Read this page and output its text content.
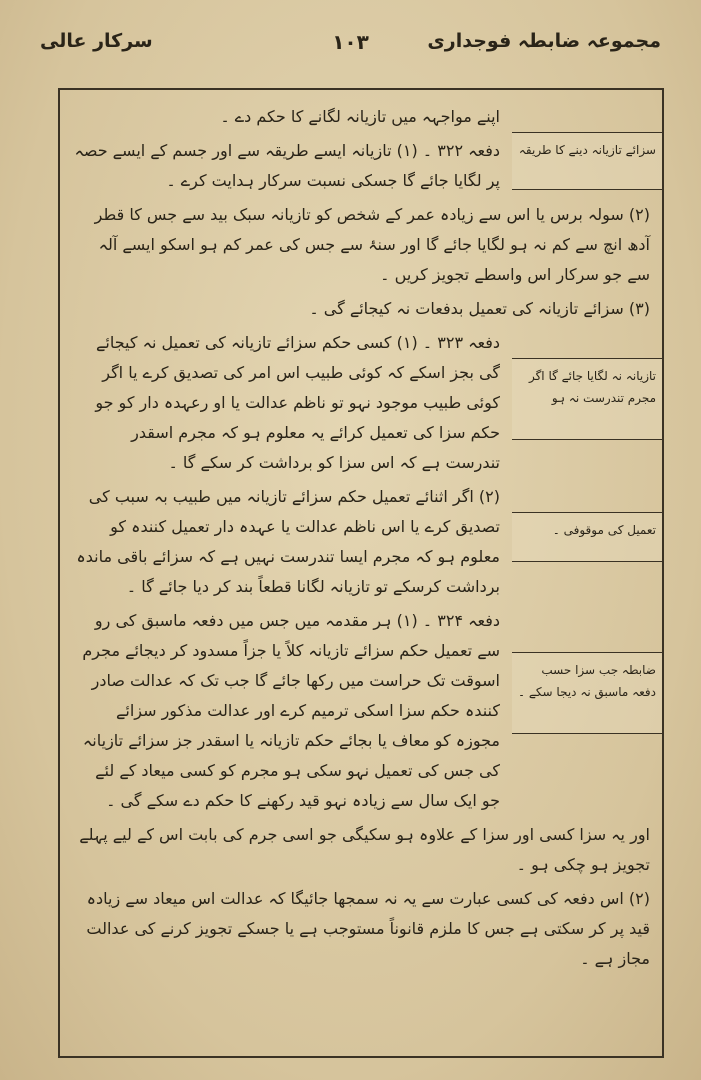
مجموعہ ضابطہ فوجداری
۱۰۳
سرکار عالی
سزائے تازیانہ دینے کا طریقہ
تازیانہ نہ لگایا جائے گا اگر مجرم تندرست نہ ہو
تعمیل کی موقوفی ۔
ضابطہ جب سزا حسب دفعہ ماسبق نہ دیجا سکے ۔

اپنے مواجہہ میں تازیانہ لگانے کا حکم دے ۔

دفعہ ۳۲۲ ۔ (۱) تازیانہ ایسے طریقہ سے اور جسم کے ایسے حصہ پر لگایا جائے گا جسکی نسبت سرکار ہدایت کرے ۔

(۲) سولہ برس یا اس سے زیادہ عمر کے شخص کو تازیانہ سبک بید سے جس کا قطر آدھ انچ سے کم نہ ہو لگایا جائے گا اور سنۂ سے جس کی عمر کم ہو اسکو ایسے آلہ سے جو سرکار اس واسطے تجویز کریں ۔

(۳) سزائے تازیانہ کی تعمیل بدفعات نہ کیجائے گی ۔

دفعہ ۳۲۳ ۔ (۱) کسی حکم سزائے تازیانہ کی تعمیل نہ کیجائے گی بجز اسکے کہ کوئی طبیب اس امر کی تصدیق کرے یا اگر کوئی طبیب موجود نہو تو ناظم عدالت یا او رعہدہ دار کو جو حکم سزا کی تعمیل کرائے یہ معلوم ہو کہ مجرم اسقدر تندرست ہے کہ اس سزا کو برداشت کر سکے گا ۔

(۲) اگر اثنائے تعمیل حکم سزائے تازیانہ میں طبیب بہ سبب کی تصدیق کرے یا اس ناظم عدالت یا عہدہ دار تعمیل کنندہ کو معلوم ہو کہ مجرم ایسا تندرست نہیں ہے کہ سزائے باقی ماندہ برداشت کرسکے تو تازیانہ لگانا قطعاً بند کر دیا جائے گا ۔

دفعہ ۳۲۴ ۔ (۱) ہر مقدمہ میں جس میں دفعہ ماسبق کی رو سے تعمیل حکم سزائے تازیانہ کلاً یا جزاً مسدود کر دیجائے مجرم اسوقت تک حراست میں رکھا جائے گا جب تک کہ عدالت صادر کنندہ حکم سزا اسکی ترمیم کرے اور عدالت مذکور سزائے مجوزہ کو معاف یا بجائے حکم تازیانہ یا اسقدر جز سزائے تازیانہ کی جس کی تعمیل نہو سکی ہو مجرم کو کسی میعاد کے لئے جو ایک سال سے زیادہ نہو قید رکھنے کا حکم دے سکے گی ۔

اور یہ سزا کسی اور سزا کے علاوہ ہو سکیگی جو اسی جرم کی بابت اس کے لیے پہلے تجویز ہو چکی ہو ۔

(۲) اس دفعہ کی کسی عبارت سے یہ نہ سمجھا جائیگا کہ عدالت اس میعاد سے زیادہ قید پر کر سکتی ہے جس کا ملزم قانوناً مستوجب ہے یا جسکے تجویز کرنے کی عدالت مجاز ہے ۔
